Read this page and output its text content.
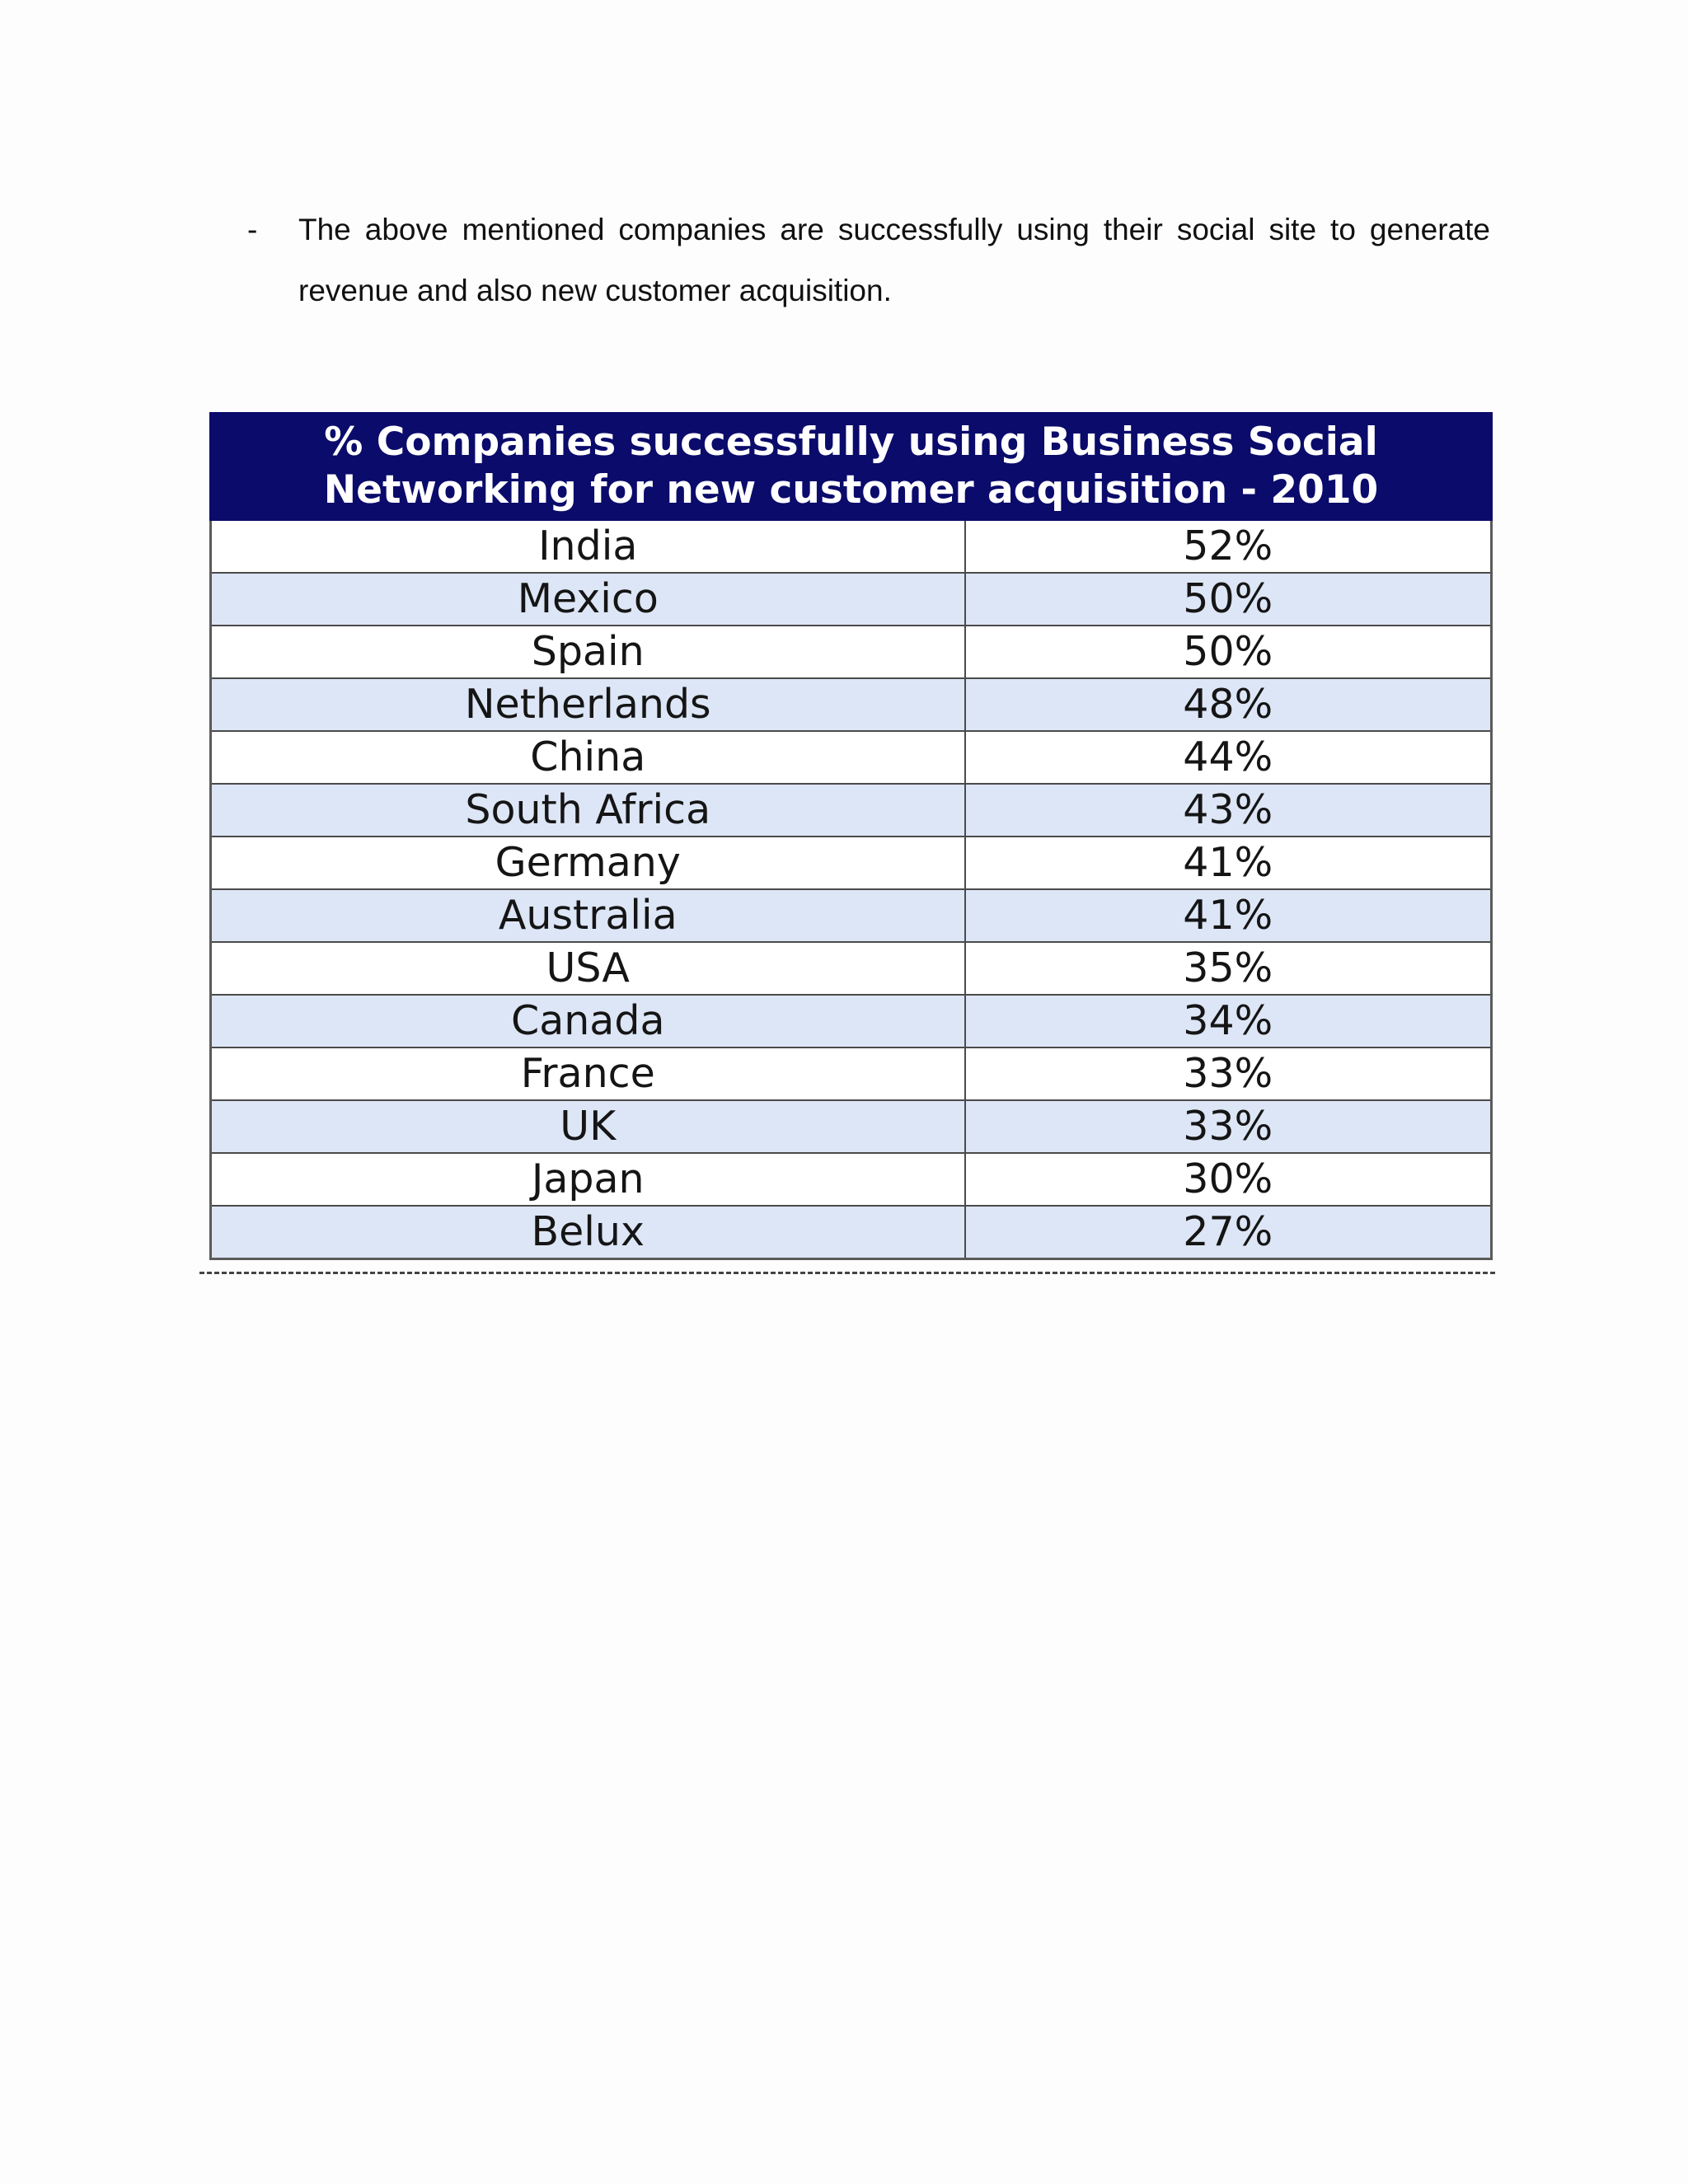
- The above mentioned companies are successfully using their social site to generate revenue and also new customer acquisition.
% Companies successfully using Business Social Networking for new customer acquisition - 2010	
India	52%
Mexico	50%
Spain	50%
Netherlands	48%
China	44%
South Africa	43%
Germany	41%
Australia	41%
USA	35%
Canada	34%
France	33%
UK	33%
Japan	30%
Belux	27%
